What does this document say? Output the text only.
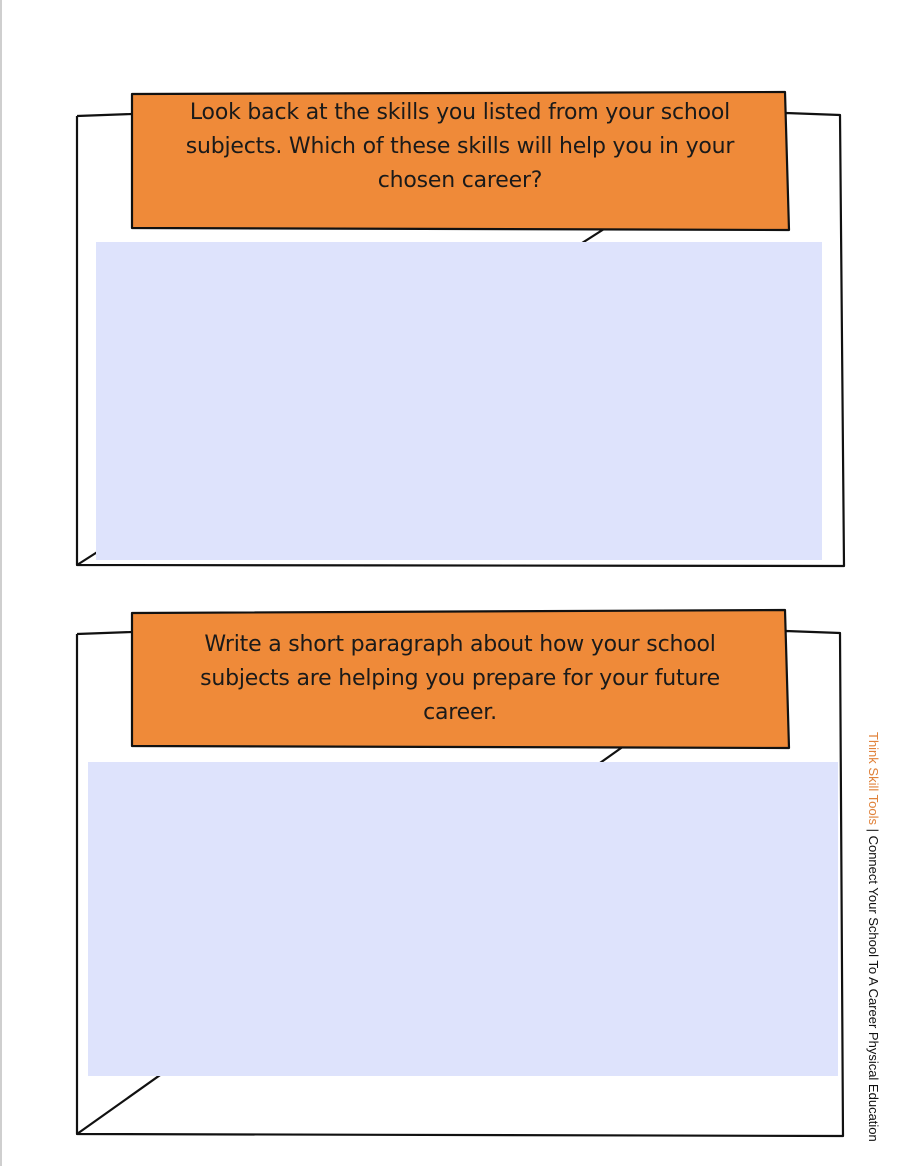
Look back at the skills you listed from your school
subjects. Which of these skills will help you in your
chosen career?
Write a short paragraph about how your school
subjects are helping you prepare for your future
career.
Think Skill Tools | Connect Your School To A Career Physical Education
